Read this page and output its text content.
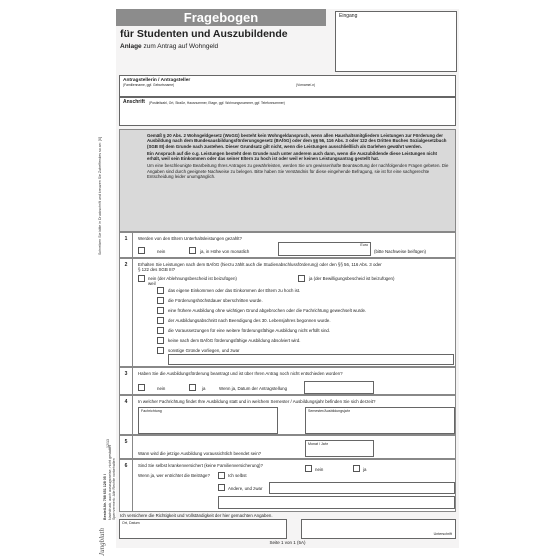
Schreiben Sie bitte in Druckschrift und kreuzen Sie Zutreffendes so an: [X]
Jungbluth
Bestell-Nr. 788 651 128 05 I Nachdruck, auch auszugsweise, nicht gestattet Sperrvermerk: Alle Rechte vorbehalten
12/13
Fragebogen
für Studenten und Auszubildende
Anlage zum Antrag auf Wohngeld
Eingang
Antragstellerin / Antragsteller
(Familienname, ggf. Geburtsname)	(Vorname/-n)
Anschrift (Postleitzahl, Ort, Straße, Hausnummer, Etage, ggf. Wohnungsnummer, ggf. Telefonnummer)

Gemäß § 20 Abs. 2 Wohngeldgesetz (WoGG) besteht kein Wohngeldanspruch, wenn allen Haushaltsmitgliedern Leistungen zur Förderung der Ausbildung nach dem Bundesausbildungsförderungsgesetz (BAföG) oder dem §§ 56, 116 Abs. 3 oder 122 des Dritten Buches Sozialgesetzbuch (SGB III) dem Grunde nach zustehen. Dieser Grundsatz gilt nicht, wenn die Leistungen ausschließlich als Darlehen gewährt werden.

Ein Anspruch auf die o.g. Leistungen besteht dem Grunde nach unter anderem auch dann, wenn die Auszubildende diese Leistungen nicht erhält, weil sein Einkommen oder das seiner Eltern zu hoch ist oder weil er keinen Leistungsantrag gestellt hat.

Um eine beschleunigte Bearbeitung Ihres Antrages zu gewährleisten, werden Sie um gewissenhafte Beantwortung der nachfolgenden Fragen gebeten. Die Angaben sind durch geeignete Nachweise zu belegen. Bitte haben Sie Verständnis für diese eingehende Befragung, sie ist für eine sachgerechte Entscheidung leider unumgänglich.

1	Werden von den Eltern Unterhaltsleistungen gezahlt?
nein	ja, in Höhe von monatlich
Euro
(bitte Nachweise beifügen)
2	Erhalten Sie Leistungen nach dem BAföG (hierzu zählt auch die Studienabschlussförderung) oder den §§ 56, 116 Abs. 3 oder
§ 122 des SGB III?
nein (der Ablehnungsbescheid ist beizufügen)
weil
ja (der Bewilligungsbescheid ist beizufügen)
das eigene Einkommen oder das Einkommen der Eltern zu hoch ist.
die Förderungshöchstdauer überschritten wurde.
eine frühere Ausbildung ohne wichtigen Grund abgebrochen oder die Fachrichtung gewechselt wurde.
der Ausbildungsabschnitt nach Beendigung des 30. Lebensjahres begonnen wurde.
die Voraussetzungen für eine weitere förderungsfähige Ausbildung nicht erfüllt sind.
keine nach dem BAföG förderungsfähige Ausbildung absolviert wird.
sonstige Gründe vorliegen, und zwar
3	Haben Sie die Ausbildungsförderung beantragt und ist über Ihren Antrag noch nicht entschieden worden?
nein	ja	Wenn ja, Datum der Antragstellung
4	In welcher Fachrichtung findet Ihre Ausbildung statt und in welchem Semester / Ausbildungsjahr befinden Sie sich derzeit?
Fachrichtung	Semester/Ausbildungsjahr
5
Wann wird die jetzige Ausbildung voraussichtlich beendet sein?
Monat / Jahr
6	Sind Sie selbst krankenversichert (keine Familienversicherung)?
nein	ja
Wenn ja, wer entrichtet die Beiträge?	Ich selbst
Andere, und zwar
Ich versichere die Richtigkeit und Vollständigkeit der hier gemachten Angaben.
Ort, Datum
Unterschrift
Seite 1 von 1 (5A)
